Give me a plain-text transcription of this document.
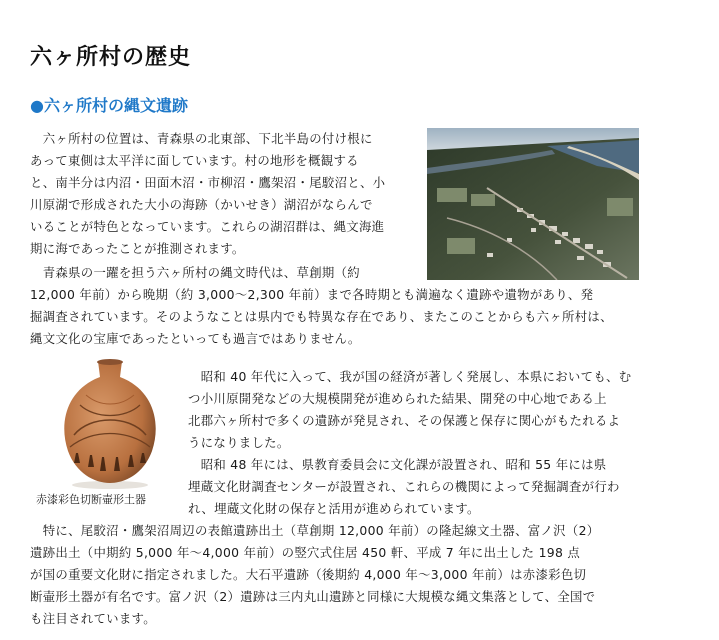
六ヶ所村の歴史
●六ヶ所村の縄文遺跡

　六ヶ所村の位置は、青森県の北東部、下北半島の付け根に

あって東側は太平洋に面しています。村の地形を概観する

と、南半分は内沼・田面木沼・市柳沼・鷹架沼・尾駮沼と、小

川原湖で形成された大小の海跡（かいせき）湖沼がならんで

いることが特色となっています。これらの湖沼群は、縄文海進

期に海であったことが推測されます。

　青森県の一躍を担う六ヶ所村の縄文時代は、草創期（約

12,000 年前）から晩期（約 3,000～2,300 年前）まで各時期とも満遍なく遺跡や遺物があり、発

掘調査されています。そのようなことは県内でも特異な存在であり、またこのことからも六ヶ所村は、

縄文文化の宝庫であったといっても過言ではありません。

赤漆彩色切断壷形土器

　昭和 40 年代に入って、我が国の経済が著しく発展し、本県においても、む

つ小川原開発などの大規模開発が進められた結果、開発の中心地である上

北郡六ヶ所村で多くの遺跡が発見され、その保護と保存に関心がもたれるよ

うになりました。

　昭和 48 年には、県教育委員会に文化課が設置され、昭和 55 年には県

埋蔵文化財調査センターが設置され、これらの機関によって発掘調査が行わ

れ、埋蔵文化財の保存と活用が進められています。

　特に、尾駮沼・鷹架沼周辺の表館遺跡出土（草創期 12,000 年前）の隆起線文土器、富ノ沢（2）

遺跡出土（中期約 5,000 年～4,000 年前）の竪穴式住居 450 軒、平成 7 年に出土した 198 点

が国の重要文化財に指定されました。大石平遺跡（後期約 4,000 年～3,000 年前）は赤漆彩色切

断壷形土器が有名です。富ノ沢（2）遺跡は三内丸山遺跡と同様に大規模な縄文集落として、全国で

も注目されています。
